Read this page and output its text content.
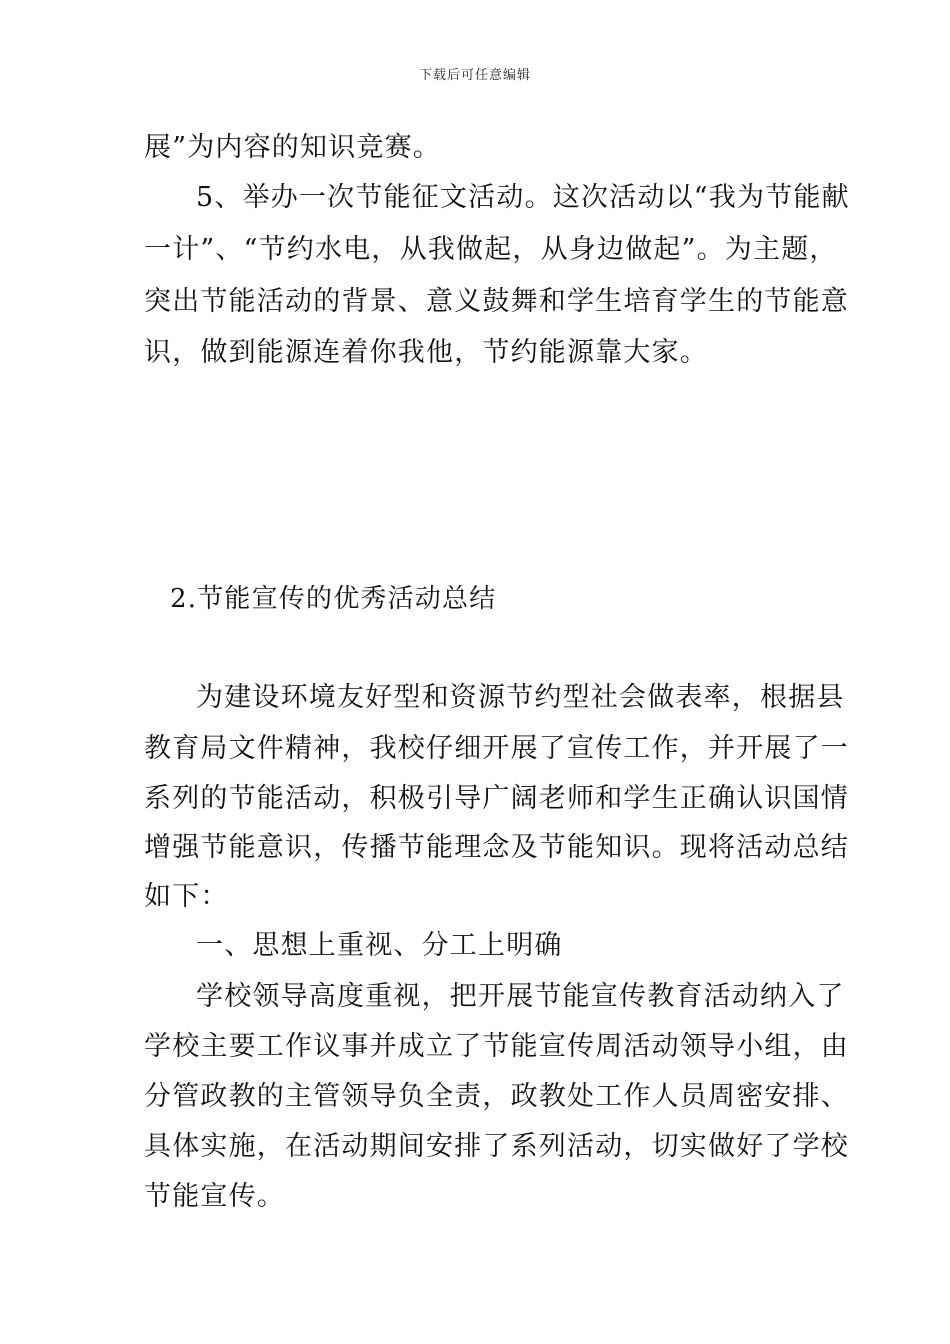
下载后可任意编辑
展”为内容的知识竞赛。
5、举办一次节能征文活动。这次活动以“我为节能献
一计”、“节约水电，从我做起，从身边做起”。为主题，
突出节能活动的背景、意义鼓舞和学生培育学生的节能意
识，做到能源连着你我他，节约能源靠大家。
2.节能宣传的优秀活动总结
为建设环境友好型和资源节约型社会做表率，根据县
教育局文件精神，我校仔细开展了宣传工作，并开展了一
系列的节能活动，积极引导广阔老师和学生正确认识国情
增强节能意识，传播节能理念及节能知识。现将活动总结
如下：
一、思想上重视、分工上明确
学校领导高度重视，把开展节能宣传教育活动纳入了
学校主要工作议事并成立了节能宣传周活动领导小组，由
分管政教的主管领导负全责，政教处工作人员周密安排、
具体实施，在活动期间安排了系列活动，切实做好了学校
节能宣传。
